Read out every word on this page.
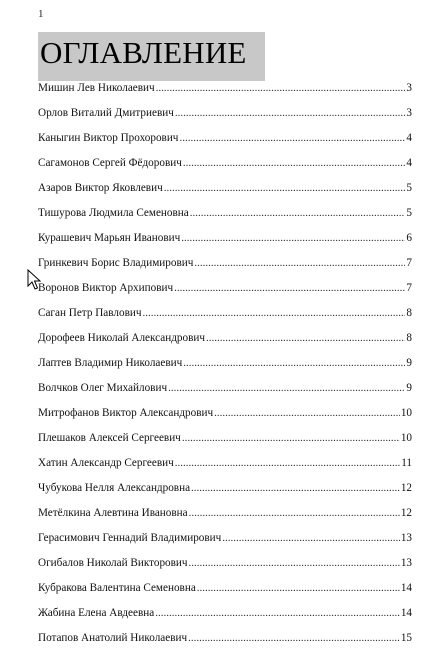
1
ОГЛАВЛЕНИЕ
Мишин Лев Николаевич .....	3
Орлов Виталий Дмитриевич .....	3
Каныгин Виктор Прохорович .....	4
Сагамонов Сергей Фёдорович .....	4
Азаров Виктор Яковлевич .....	5
Тишурова Людмила Семеновна .....	5
Курашевич Марьян Иванович .....	6
Гринкевич Борис Владимирович .....	7
Воронов Виктор Архипович .....	7
Саган Петр Павлович .....	8
Дорофеев Николай Александрович .....	8
Лаптев Владимир Николаевич .....	9
Волчков Олег Михайлович .....	9
Митрофанов Виктор Александрович .....	10
Плешаков Алексей Сергеевич .....	10
Хатин Александр Сергеевич .....	11
Чубукова Нелля Александровна .....	12
Метёлкина Алевтина Ивановна .....	12
Герасимович Геннадий Владимирович .....	13
Огибалов Николай Викторович .....	13
Кубракова Валентина Семеновна .....	14
Жабина Елена Авдеевна .....	14
Потапов Анатолий Николаевич .....	15
